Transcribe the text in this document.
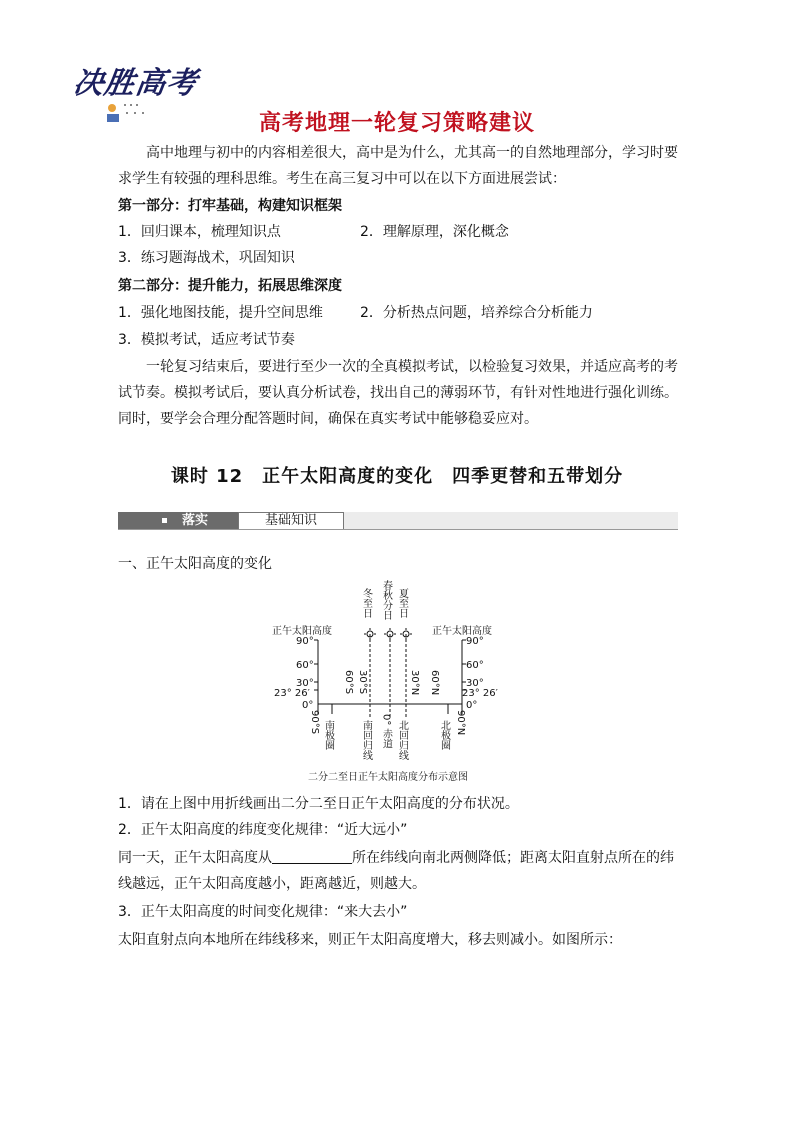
决胜高考
高考地理一轮复习策略建议
高中地理与初中的内容相差很大，高中是为什么，尤其高一的自然地理部分，学习时要求学生有较强的理科思维。考生在高三复习中可以在以下方面进展尝试：
第一部分：打牢基础，构建知识框架
1．回归课本，梳理知识点	2．理解原理，深化概念
3．练习题海战术，巩固知识
第二部分：提升能力，拓展思维深度
1．强化地图技能，提升空间思维	2．分析热点问题，培养综合分析能力
3．模拟考试，适应考试节奏
一轮复习结束后，要进行至少一次的全真模拟考试，以检验复习效果，并适应高考的考试节奏。模拟考试后，要认真分析试卷，找出自己的薄弱环节，有针对性地进行强化训练。同时，要学会合理分配答题时间，确保在真实考试中能够稳妥应对。
课时 12　正午太阳高度的变化　四季更替和五带划分
落实	基础知识
一、正午太阳高度的变化
正午太阳高度	正午太阳高度
90°
60°
30°
23° 26′
0°
90°
60°
30°
23° 26′
0°
冬至日 春秋分日 夏至日
60°S 30°S	30°N 60°N
90°S 南极圈	南回归线 0° 赤道 北回归线	北极圈 90°N
二分二至日正午太阳高度分布示意图
1．请在上图中用折线画出二分二至日正午太阳高度的分布状况。
2．正午太阳高度的纬度变化规律：“近大远小”
同一天，正午太阳高度从	所在纬线向南北两侧降低；距离太阳直射点所在的纬
线越远，正午太阳高度越小，距离越近，则越大。
3．正午太阳高度的时间变化规律：“来大去小”
太阳直射点向本地所在纬线移来，则正午太阳高度增大，移去则减小。如图所示：
